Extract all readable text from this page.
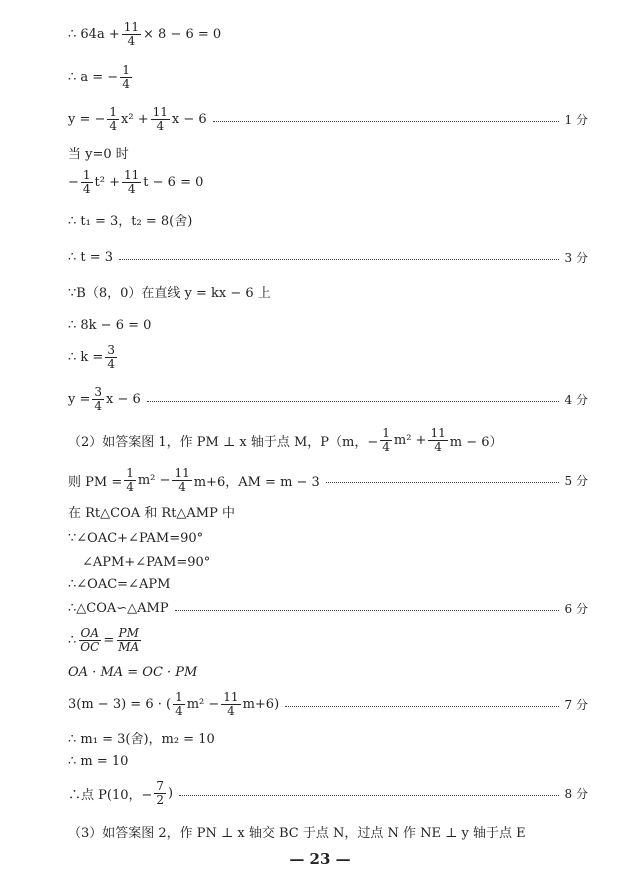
∴ $64a + \frac{11}{4} \times 8 - 6 = 0$
∴ a = − $\frac{1}{4}$
y = − $\frac{1}{4} x^2 + \frac{11}{4}$ x − 6	1 分
当 y=0 时
− $\frac{1}{4} t^2 + \frac{11}{4}$ t − 6 = 0
∴ t₁ = 3，t₂ = 8(舍)
∴ t = 3	3 分
∵B（8，0）在直线 y = kx − 6 上
∴ 8k − 6 = 0
∴ $k = \frac{3}{4}$
$y = \frac{3}{4}$ x − 6	4 分
（2）如答案图 1，作 PM ⊥ x 轴于点 M，P（m，− $\frac{1}{4} m^2 + \frac{11}{4}$ m − 6）
则 PM = $\frac{1}{4} m^2 - \frac{11}{4} m+6$，AM = m − 3	5 分
在 Rt△COA 和 Rt△AMP 中
∵∠OAC+∠PAM=90°
∠APM+∠PAM=90°
∴∠OAC=∠APM
∴△COA∽△AMP	6 分
∴ $\frac{OA}{OC} = \frac{PM}{MA}$
OA · MA = OC · PM
3(m − 3) = 6 · ( $\frac{1}{4} m^2 - \frac{11}{4} m+6$)	7 分
∴ m₁ = 3(舍)，m₂ = 10
∴ m = 10
∴点 P(10，− $\frac{7}{2}$ )	8 分
（3）如答案图 2，作 PN ⊥ x 轴交 BC 于点 N，过点 N 作 NE ⊥ y 轴于点 E
— 23 —
